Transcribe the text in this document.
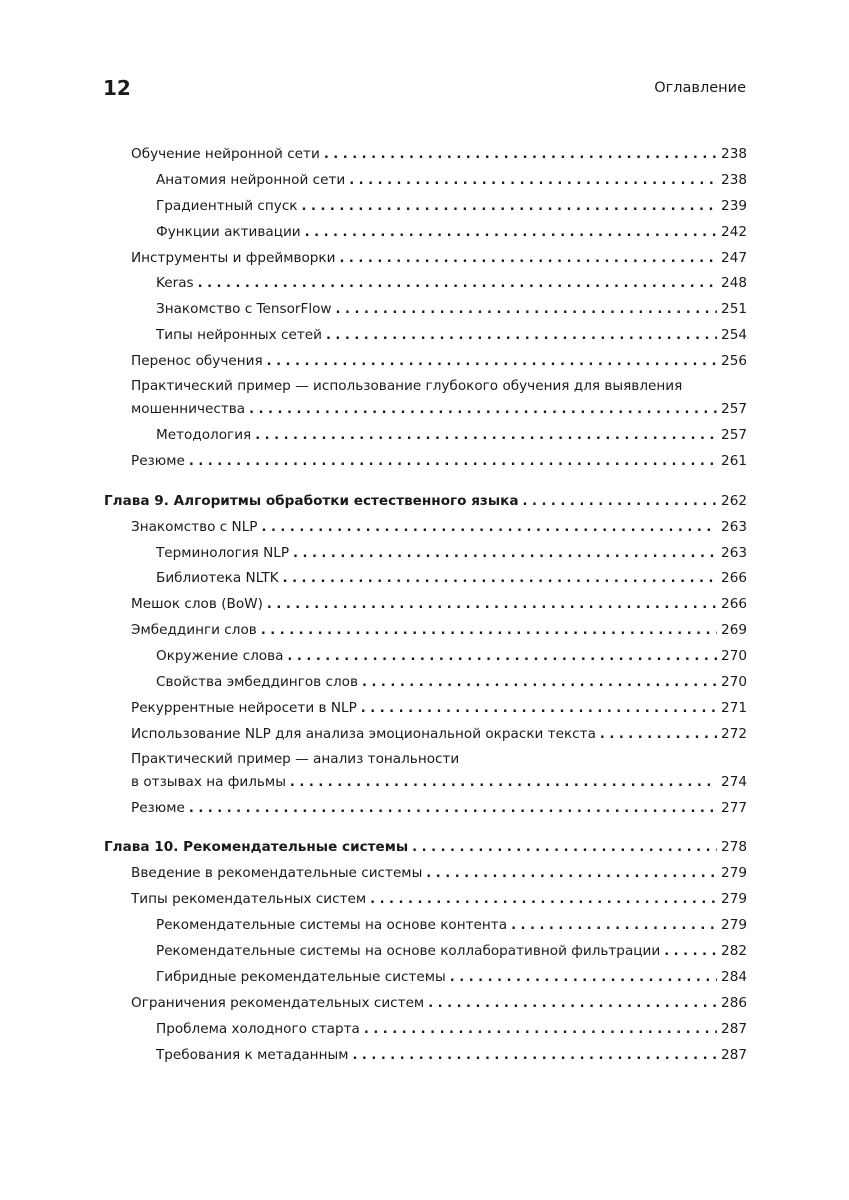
12	Оглавление
Обучение нейронной сети . . .	238
Анатомия нейронной сети . . .	238
Градиентный спуск . . .	239
Функции активации . . .	242
Инструменты и фреймворки . . .	247
Keras . . .	248
Знакомство с TensorFlow . . .	251
Типы нейронных сетей . . .	254
Перенос обучения . . .	256
Практический пример — использование глубокого обучения для выявления
мошенничества . . .	257
Методология . . .	257
Резюме . . .	261
Глава 9. Алгоритмы обработки естественного языка . . .	262
Знакомство с NLP . . .	263
Терминология NLP . . .	263
Библиотека NLTK . . .	266
Мешок слов (BoW) . . .	266
Эмбеддинги слов . . .	269
Окружение слова . . .	270
Свойства эмбеддингов слов . . .	270
Рекуррентные нейросети в NLP . . .	271
Использование NLP для анализа эмоциональной окраски текста . . .	272
Практический пример — анализ тональности
в отзывах на фильмы . . .	274
Резюме . . .	277
Глава 10. Рекомендательные системы . . .	278
Введение в рекомендательные системы . . .	279
Типы рекомендательных систем . . .	279
Рекомендательные системы на основе контента . . .	279
Рекомендательные системы на основе коллаборативной фильтрации . . .	282
Гибридные рекомендательные системы . . .	284
Ограничения рекомендательных систем . . .	286
Проблема холодного старта . . .	287
Требования к метаданным . . .	287
